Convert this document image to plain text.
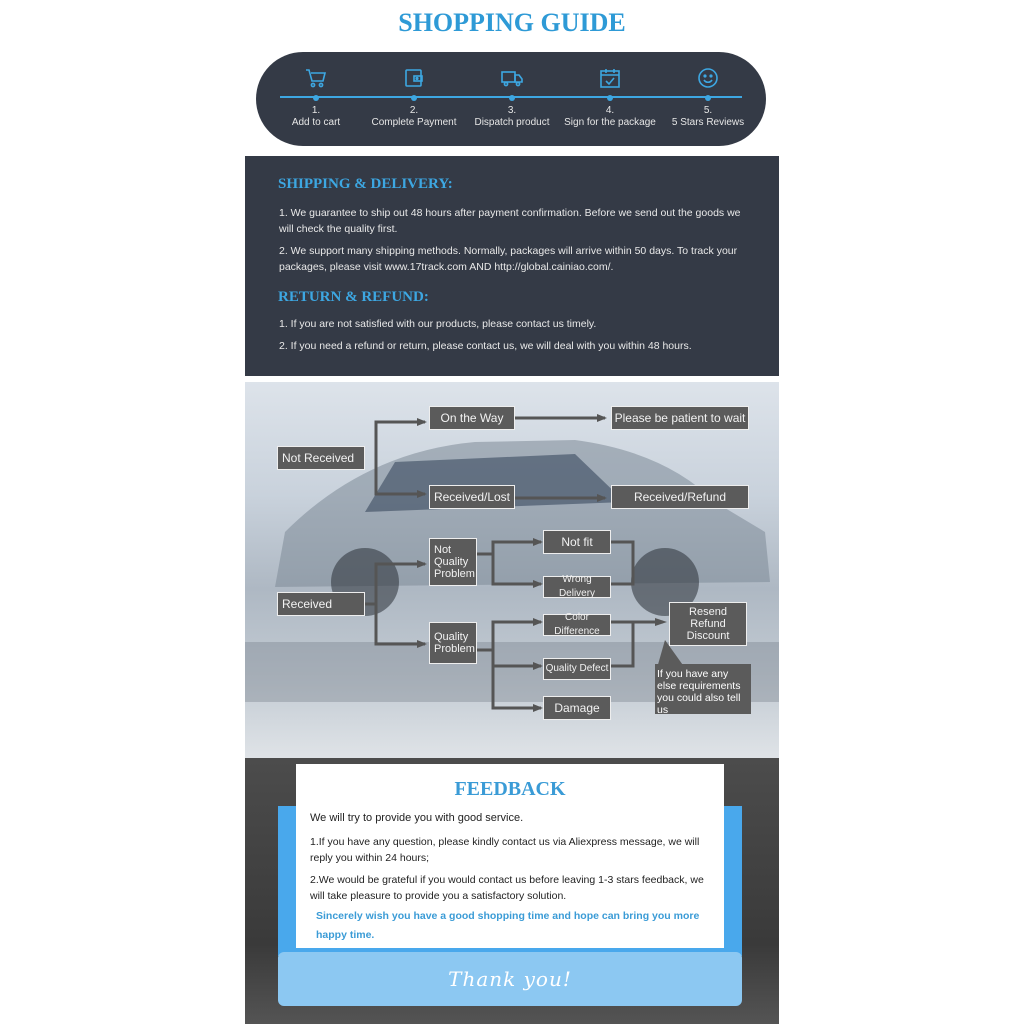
SHOPPING GUIDE
1.
Add to cart
2.
Complete Payment
3.
Dispatch product
4.
Sign for the package
5.
5 Stars Reviews
SHIPPING & DELIVERY:

1. We guarantee to ship out 48 hours after payment confirmation. Before we send out the goods we will check the quality first.

2. We support many shipping methods. Normally, packages will arrive within 50 days. To track your packages, please visit www.17track.com AND http://global.cainiao.com/.

RETURN & REFUND:

1. If you are not satisfied with our products, please contact us timely.

2. If you need a refund or return, please contact us, we will deal with you within 48 hours.

Not Received
On the Way	Please be patient to wait
Received/Lost	Received/Refund
Received
Not Quality Problem
Quality Problem
Not fit
Wrong Delivery
Color Difference
Quality Defect
Damage
Resend Refund Discount
If you have any else requirements you could also tell us
FEEDBACK

We will try to provide you with good service.

1.If you have any question, please kindly contact us via Aliexpress message, we will reply you within 24 hours;

2.We would be grateful if you would contact us before leaving 1-3 stars feedback, we will take pleasure to provide you a satisfactory solution.

Sincerely wish you have a good shopping time and hope can bring you more happy time.

Thank you!
